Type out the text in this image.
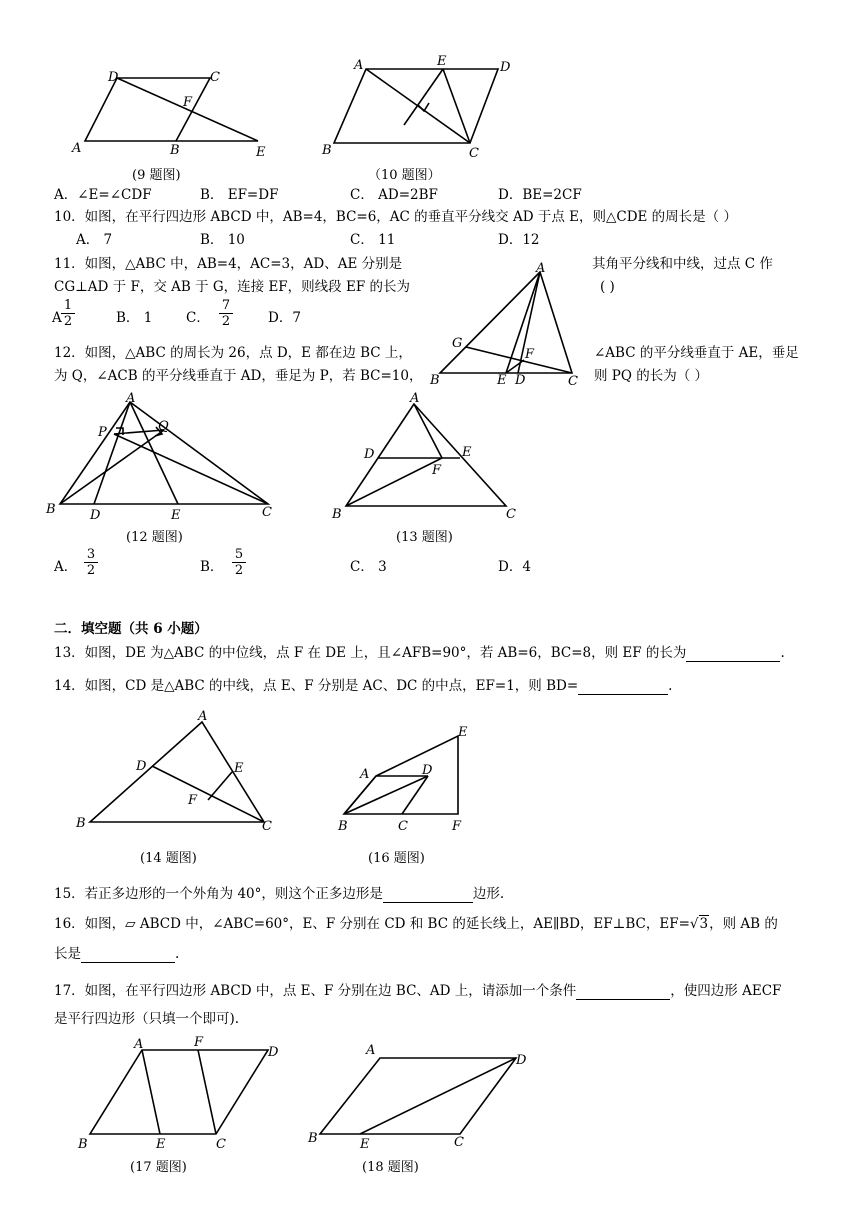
D	C
F
A	B	E
(9 题图)
A	E	D
B	C
（10 题图）
A．∠E=∠CDF	B． EF=DF	C． AD=2BF	D．BE=2CF
10．如图，在平行四边形 ABCD 中，AB=4，BC=6，AC 的垂直平分线交 AD 于点 E，则△CDE 的周长是（ ）
A． 7	B． 10	C． 11	D．12
11．如图，△ABC 中，AB=4，AC=3，AD、AE 分别是	其角平分线和中线，过点 C 作
CG⊥AD 于 F，交 AB 于 G，连接 EF，则线段 EF 的长为	( )
A $\frac{1}{2}$	B． 1 C． $\frac{7}{2}$	D．7
A
G
F
B	E D	C
12．如图，△ABC 的周长为 26，点 D，E 都在边 BC 上，	∠ABC 的平分线垂直于 AE，垂足
为 Q，∠ACB 的平分线垂直于 AD，垂足为 P，若 BC=10，	则 PQ 的长为（ ）
A
P	Q
B	D	E	C
(12 题图)
A
D	E
F
B	C
(13 题图)
A． $\frac{3}{2}$	B． $\frac{5}{2}$	C． 3	D．4
二．填空题（共 6 小题）
13．如图，DE 为△ABC 的中位线，点 F 在 DE 上，且∠AFB=90°，若 AB=6，BC=8，则 EF 的长为	.
14．如图，CD 是△ABC 的中线，点 E、F 分别是 AC、DC 的中点，EF=1，则 BD=	.
A
D	E
F
B	C
(14 题图)
E
A	D
B	C	F
(16 题图)
15．若正多边形的一个外角为 40°，则这个正多边形是	边形.
16．如图，▱ ABCD 中，∠ABC=60°，E、F 分别在 CD 和 BC 的延长线上，AE∥BD，EF⊥BC，EF=√3，则 AB 的
长是	.
17．如图，在平行四边形 ABCD 中，点 E、F 分别在边 BC、AD 上，请添加一个条件	，使四边形 AECF
是平行四边形（只填一个即可).
A	F
D
B	E	C
(17 题图)
A
D
B	E	C
(18 题图)
